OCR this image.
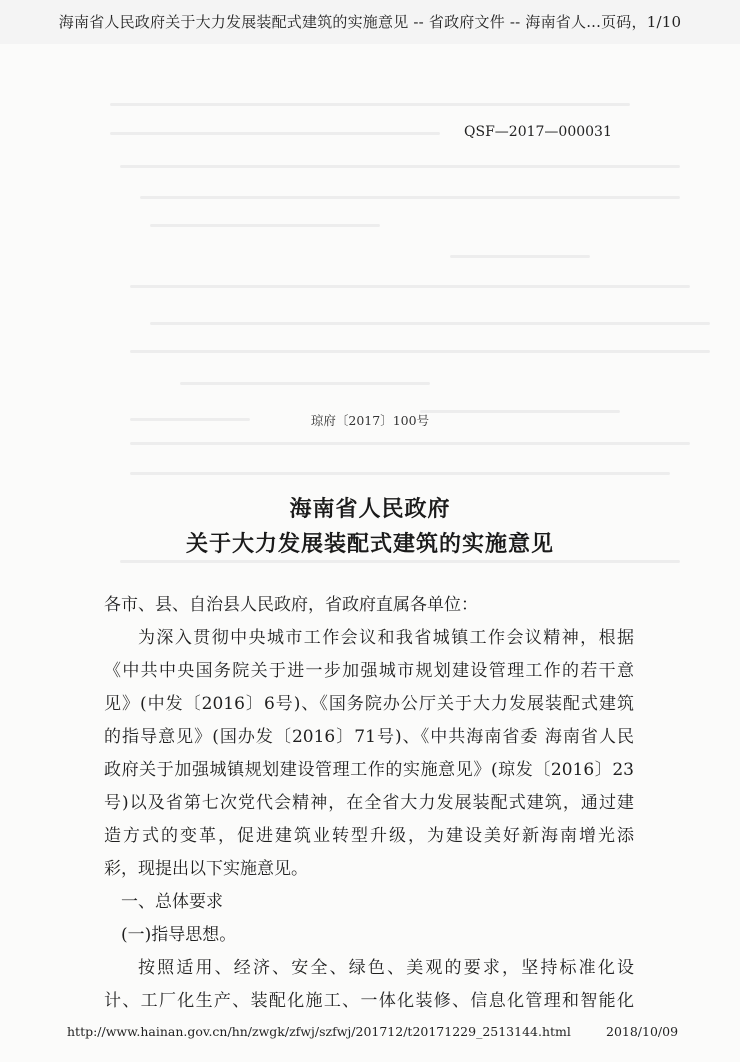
海南省人民政府关于大力发展装配式建筑的实施意见 -- 省政府文件 -- 海南省人...页码，1/10
QSF—2017—000031
琼府〔2017〕100号
海南省人民政府
关于大力发展装配式建筑的实施意见

各市、县、自治县人民政府，省政府直属各单位：

为深入贯彻中央城市工作会议和我省城镇工作会议精神，根据

《中共中央国务院关于进一步加强城市规划建设管理工作的若干意

见》(中发〔2016〕6号)、《国务院办公厅关于大力发展装配式建筑

的指导意见》(国办发〔2016〕71号)、《中共海南省委 海南省人民

政府关于加强城镇规划建设管理工作的实施意见》(琼发〔2016〕23

号)以及省第七次党代会精神，在全省大力发展装配式建筑，通过建

造方式的变革，促进建筑业转型升级，为建设美好新海南增光添

彩，现提出以下实施意见。

一、总体要求

(一)指导思想。

按照适用、经济、安全、绿色、美观的要求，坚持标准化设

计、工厂化生产、装配化施工、一体化装修、信息化管理和智能化

http://www.hainan.gov.cn/hn/zwgk/zfwj/szfwj/201712/t20171229_2513144.html	2018/10/09
